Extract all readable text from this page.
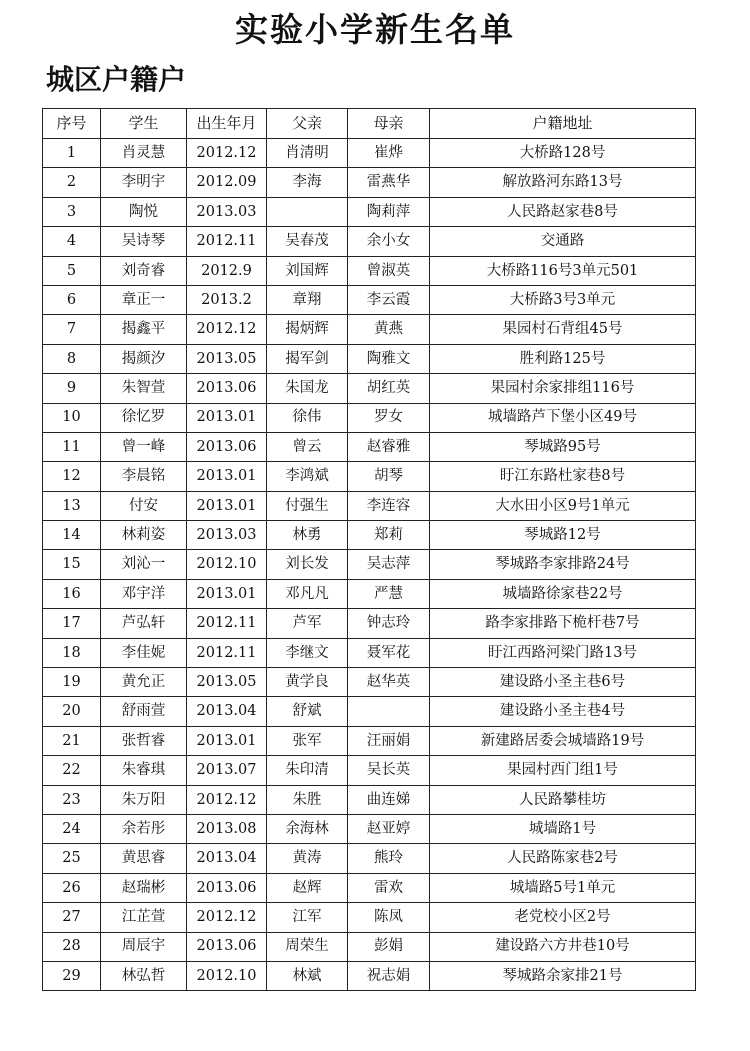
实验小学新生名单
城区户籍户
序号	学生	出生年月	父亲	母亲	户籍地址
1	肖灵慧	2012.12	肖清明	崔烨	大桥路128号
2	李明宇	2012.09	李海	雷燕华	解放路河东路13号
3	陶悦	2013.03		陶莉萍	人民路赵家巷8号
4	吴诗琴	2012.11	吴春茂	余小女	交通路
5	刘奇睿	2012.9	刘国辉	曾淑英	大桥路116号3单元501
6	章正一	2013.2	章翔	李云霞	大桥路3号3单元
7	揭鑫平	2012.12	揭炳辉	黄燕	果园村石背组45号
8	揭颜汐	2013.05	揭军剑	陶雅文	胜利路125号
9	朱智萱	2013.06	朱国龙	胡红英	果园村余家排组116号
10	徐忆罗	2013.01	徐伟	罗女	城墙路芦下堡小区49号
11	曾一峰	2013.06	曾云	赵睿雅	琴城路95号
12	李晨铭	2013.01	李鸿斌	胡琴	盱江东路杜家巷8号
13	付安	2013.01	付强生	李连容	大水田小区9号1单元
14	林莉姿	2013.03	林勇	郑莉	琴城路12号
15	刘沁一	2012.10	刘长发	吴志萍	琴城路李家排路24号
16	邓宇洋	2013.01	邓凡凡	严慧	城墙路徐家巷22号
17	芦弘轩	2012.11	芦军	钟志玲	路李家排路下桅杆巷7号
18	李佳妮	2012.11	李继文	聂军花	盱江西路河梁门路13号
19	黄允正	2013.05	黄学良	赵华英	建设路小圣主巷6号
20	舒雨萱	2013.04	舒斌		建设路小圣主巷4号
21	张哲睿	2013.01	张军	汪丽娟	新建路居委会城墙路19号
22	朱睿琪	2013.07	朱印清	吴长英	果园村西门组1号
23	朱万阳	2012.12	朱胜	曲连娣	人民路攀桂坊
24	余若彤	2013.08	余海林	赵亚婷	城墙路1号
25	黄思睿	2013.04	黄涛	熊玲	人民路陈家巷2号
26	赵瑞彬	2013.06	赵辉	雷欢	城墙路5号1单元
27	江芷萱	2012.12	江军	陈凤	老党校小区2号
28	周辰宇	2013.06	周荣生	彭娟	建设路六方井巷10号
29	林弘哲	2012.10	林斌	祝志娟	琴城路余家排21号
